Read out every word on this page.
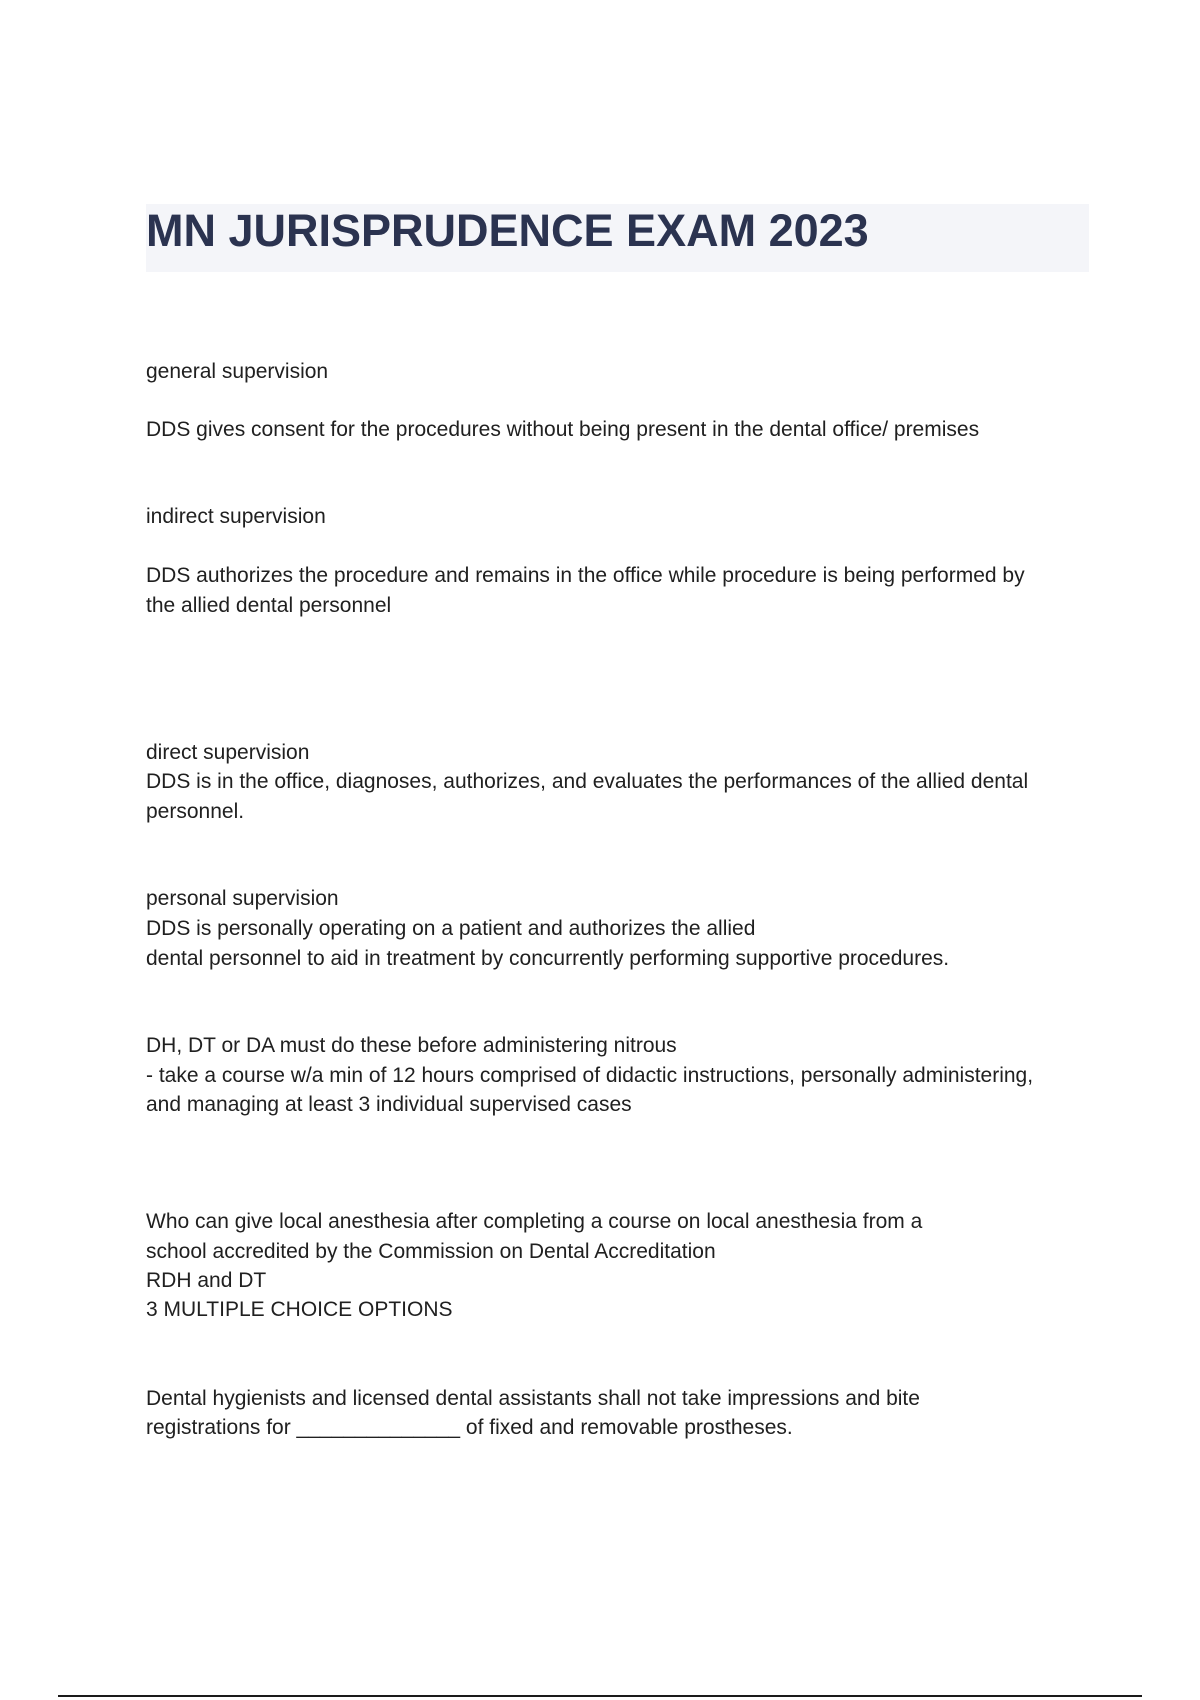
MN JURISPRUDENCE EXAM 2023

general supervision

DDS gives consent for the procedures without being present in the dental office/ premises

indirect supervision

DDS authorizes the procedure and remains in the office while procedure is being performed by

the allied dental personnel

direct supervision

DDS is in the office, diagnoses, authorizes, and evaluates the performances of the allied dental

personnel.

personal supervision

DDS is personally operating on a patient and authorizes the allied

dental personnel to aid in treatment by concurrently performing supportive procedures.

DH, DT or DA must do these before administering nitrous

- take a course w/a min of 12 hours comprised of didactic instructions, personally administering,

and managing at least 3 individual supervised cases

Who can give local anesthesia after completing a course on local anesthesia from a

school accredited by the Commission on Dental Accreditation

RDH and DT

3 MULTIPLE CHOICE OPTIONS

Dental hygienists and licensed dental assistants shall not take impressions and bite

registrations for ______________ of fixed and removable prostheses.
